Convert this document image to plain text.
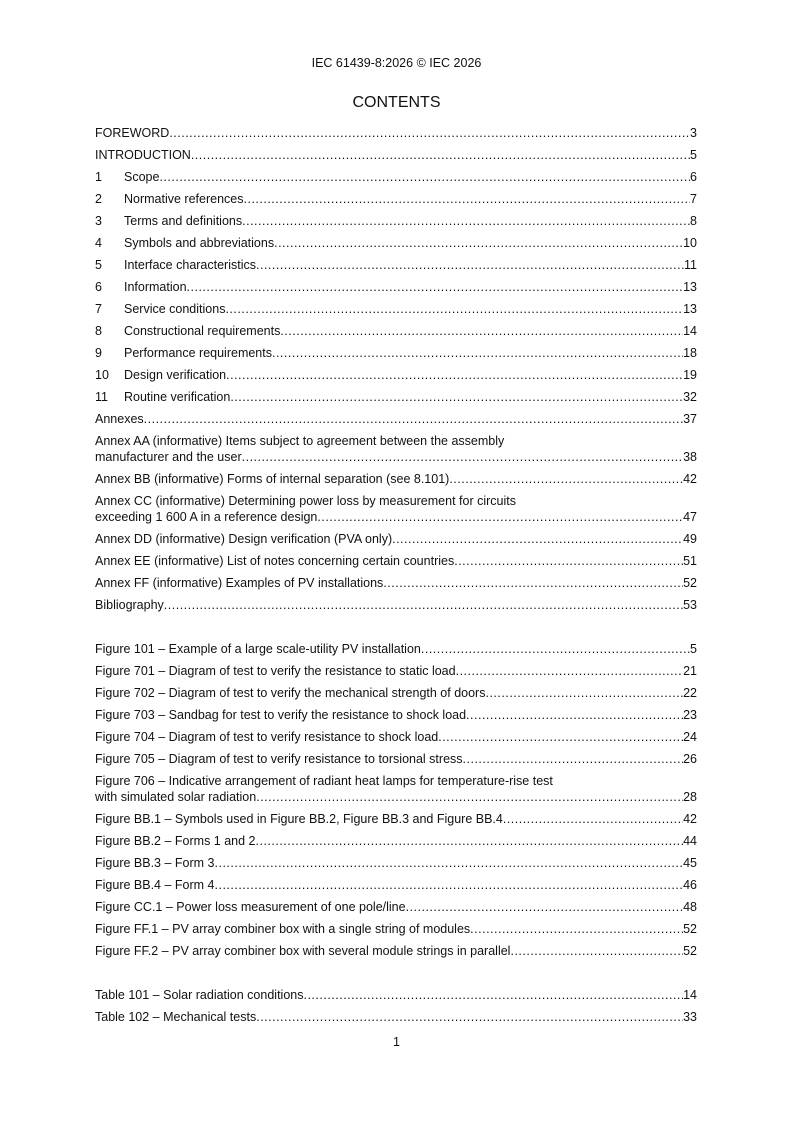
IEC 61439-8:2026 © IEC 2026
CONTENTS
FOREWORD .....	3
INTRODUCTION .....	5
1	Scope .....	6
2	Normative references .....	7
3	Terms and definitions .....	8
4	Symbols and abbreviations .....	10
5	Interface characteristics .....	11
6	Information .....	13
7	Service conditions .....	13
8	Constructional requirements .....	14
9	Performance requirements .....	18
10	Design verification .....	19
11	Routine verification .....	32
Annexes .....	37
Annex AA (informative) Items subject to agreement between the assembly
manufacturer and the user .....	38
Annex BB (informative) Forms of internal separation (see 8.101) .....	42
Annex CC (informative) Determining power loss by measurement for circuits
exceeding 1 600 A in a reference design .....	47
Annex DD (informative) Design verification (PVA only) .....	49
Annex EE (informative) List of notes concerning certain countries .....	51
Annex FF (informative) Examples of PV installations .....	52
Bibliography .....	53
Figure 101 – Example of a large scale-utility PV installation .....	5
Figure 701 – Diagram of test to verify the resistance to static load .....	21
Figure 702 – Diagram of test to verify the mechanical strength of doors .....	22
Figure 703 – Sandbag for test to verify the resistance to shock load .....	23
Figure 704 – Diagram of test to verify resistance to shock load .....	24
Figure 705 – Diagram of test to verify resistance to torsional stress .....	26
Figure 706 – Indicative arrangement of radiant heat lamps for temperature-rise test
with simulated solar radiation .....	28
Figure BB.1 – Symbols used in Figure BB.2, Figure BB.3 and Figure BB.4 .....	42
Figure BB.2 – Forms 1 and 2 .....	44
Figure BB.3 – Form 3 .....	45
Figure BB.4 – Form 4 .....	46
Figure CC.1 – Power loss measurement of one pole/line .....	48
Figure FF.1 – PV array combiner box with a single string of modules .....	52
Figure FF.2 – PV array combiner box with several module strings in parallel .....	52
Table 101 – Solar radiation conditions .....	14
Table 102 – Mechanical tests .....	33
1
